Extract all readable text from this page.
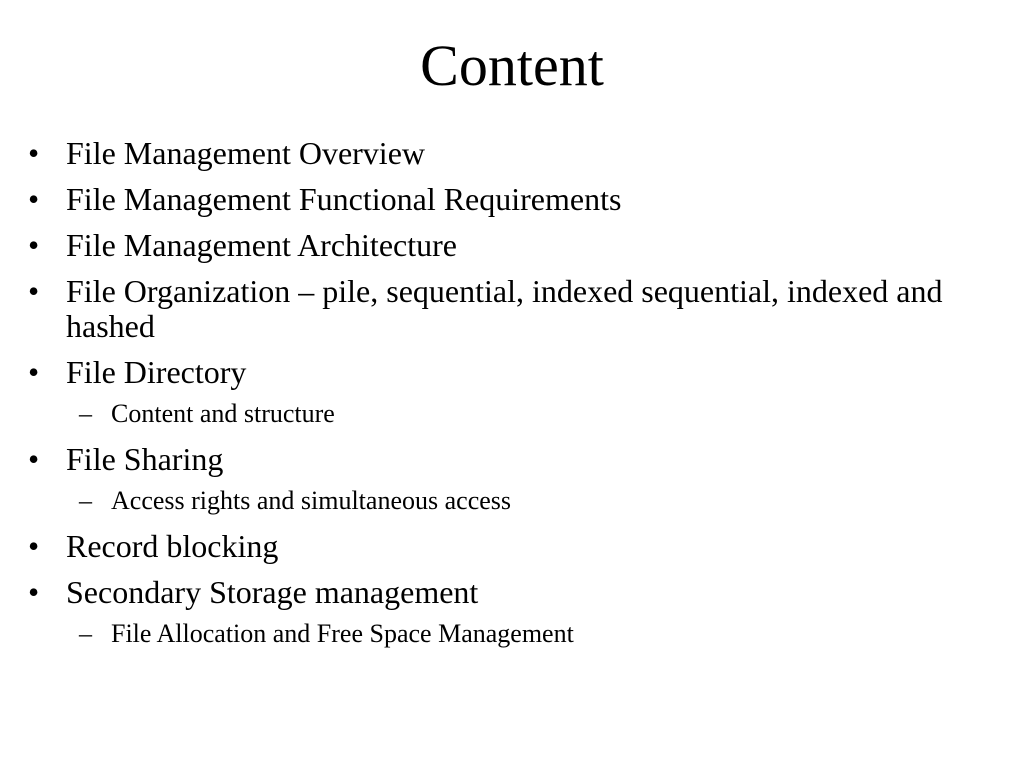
Content
• File Management Overview
• File Management Functional Requirements
• File Management Architecture
• File Organization – pile, sequential, indexed sequential, indexed and hashed
• File Directory
– Content and structure
• File Sharing
– Access rights and simultaneous access
• Record blocking
• Secondary Storage management
– File Allocation and Free Space Management
